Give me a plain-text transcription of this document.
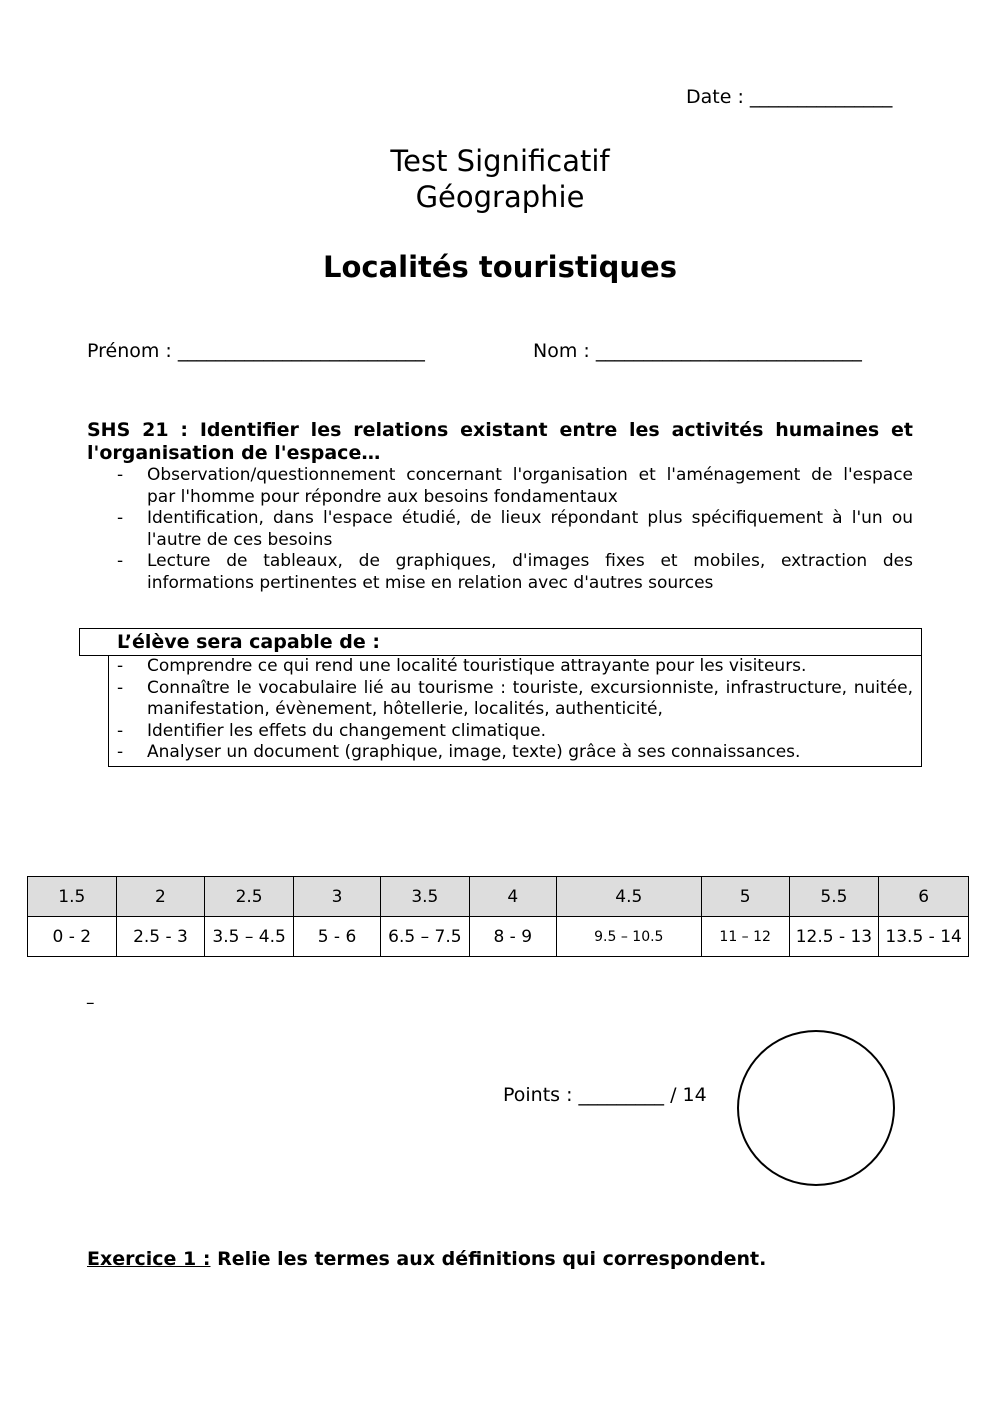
Date : _______________
Test Significatif
Géographie
Localités touristiques
Prénom : __________________________	Nom : ____________________________
SHS 21 : Identifier les relations existant entre les activités humaines et l'organisation de l'espace…
- Observation/questionnement concernant l'organisation et l'aménagement de l'espace par l'homme pour répondre aux besoins fondamentaux
- Identification, dans l'espace étudié, de lieux répondant plus spécifiquement à l'un ou l'autre de ces besoins
- Lecture de tableaux, de graphiques, d'images fixes et mobiles, extraction des informations pertinentes et mise en relation avec d'autres sources
L’élève sera capable de :
- Comprendre ce qui rend une localité touristique attrayante pour les visiteurs.
- Connaître le vocabulaire lié au tourisme : touriste, excursionniste, infrastructure, nuitée, manifestation, évènement, hôtellerie, localités, authenticité,
- Identifier les effets du changement climatique.
- Analyser un document (graphique, image, texte) grâce à ses connaissances.
1.5	2	2.5	3	3.5	4	4.5	5	5.5	6
0 - 2	2.5 - 3	3.5 – 4.5	5 - 6	6.5 – 7.5	8 - 9	9.5 – 10.5	11 – 12	12.5 - 13	13.5 - 14
–
Points : _________ / 14
Exercice 1 : Relie les termes aux définitions qui correspondent.
